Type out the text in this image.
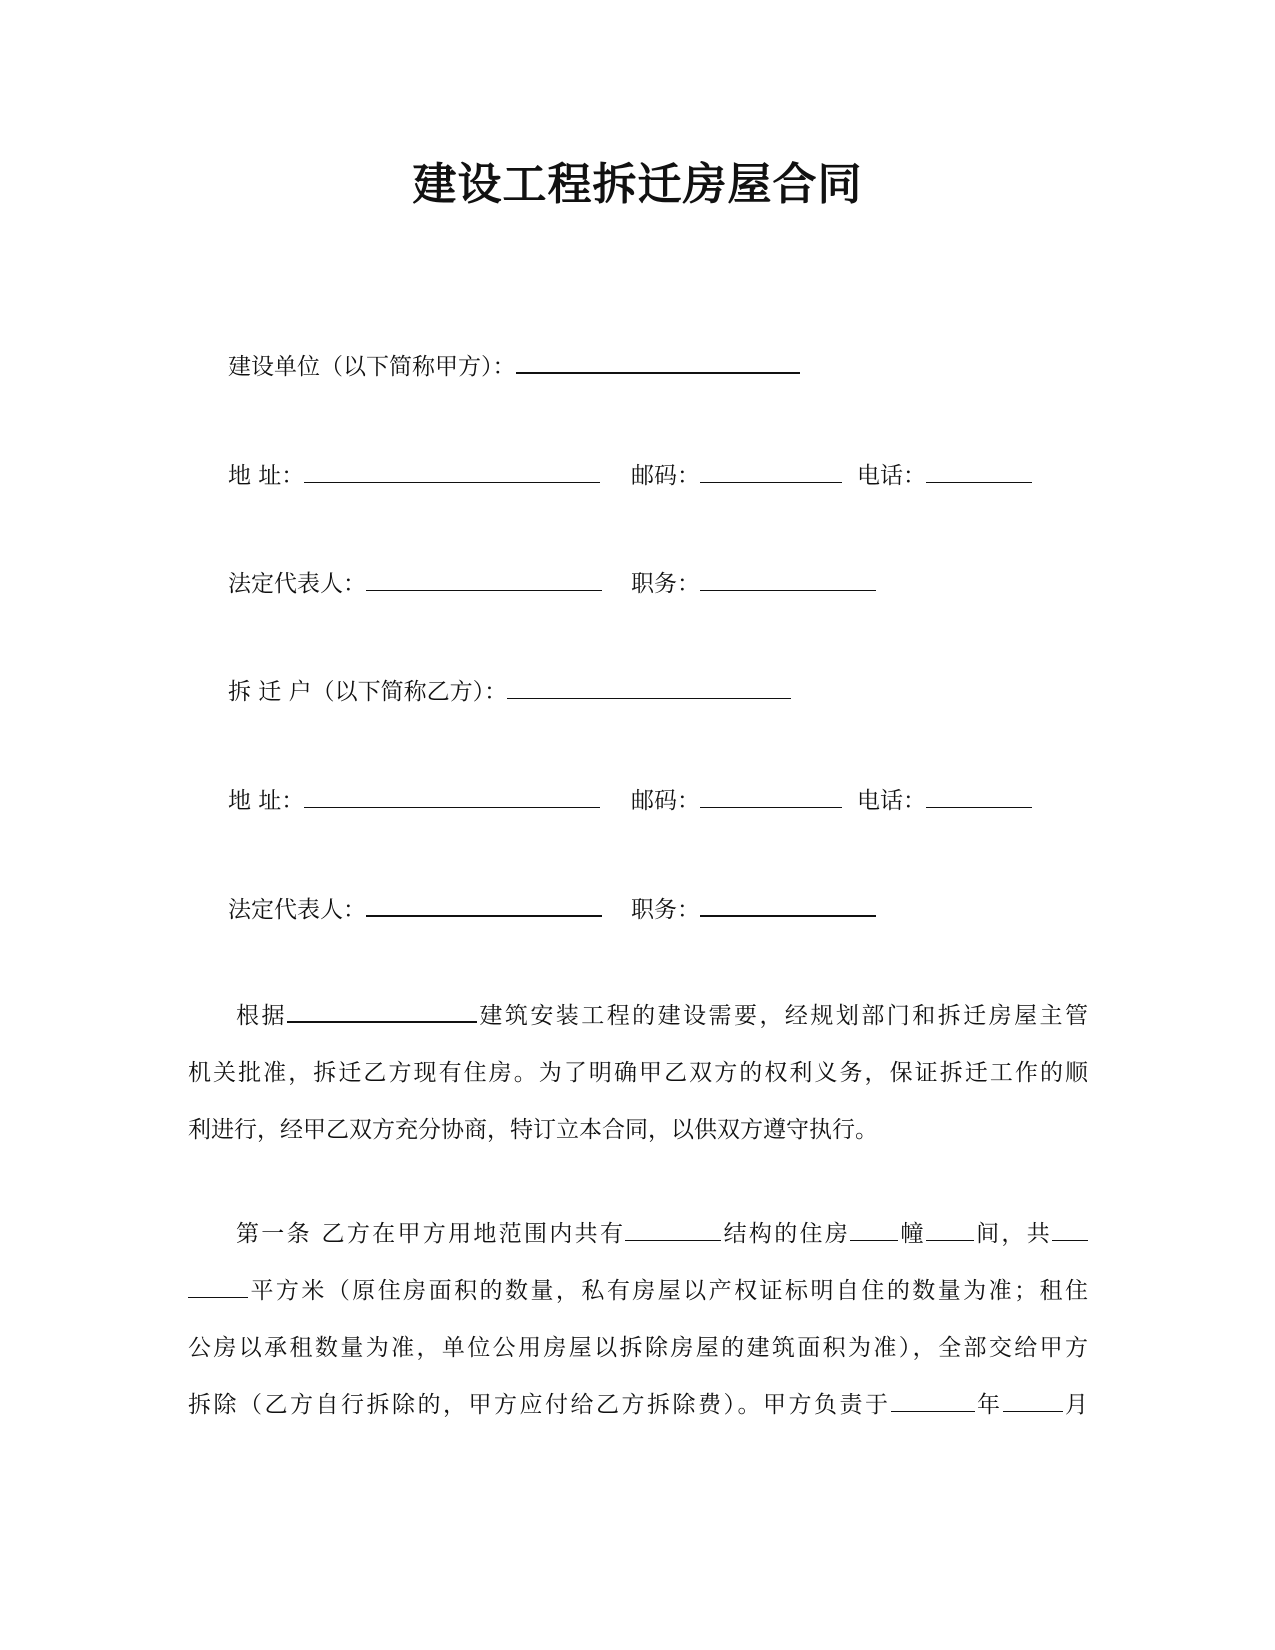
建设工程拆迁房屋合同
建设单位（以下简称甲方）：
地 址：	邮码：	电话：
法定代表人：	职务：
拆 迁 户（以下简称乙方）：
地 址：	邮码：	电话：
法定代表人：	职务：
根据	建筑安装工程的建设需要，经规划部门和拆迁房屋主管
机关批准，拆迁乙方现有住房。为了明确甲乙双方的权利义务，保证拆迁工作的顺
利进行，经甲乙双方充分协商，特订立本合同，以供双方遵守执行。
第一条 乙方在甲方用地范围内共有	结构的住房 幢 间，共
平方米（原住房面积的数量，私有房屋以产权证标明自住的数量为准；租住
公房以承租数量为准，单位公用房屋以拆除房屋的建筑面积为准），全部交给甲方
拆除（乙方自行拆除的，甲方应付给乙方拆除费）。甲方负责于	年	月
